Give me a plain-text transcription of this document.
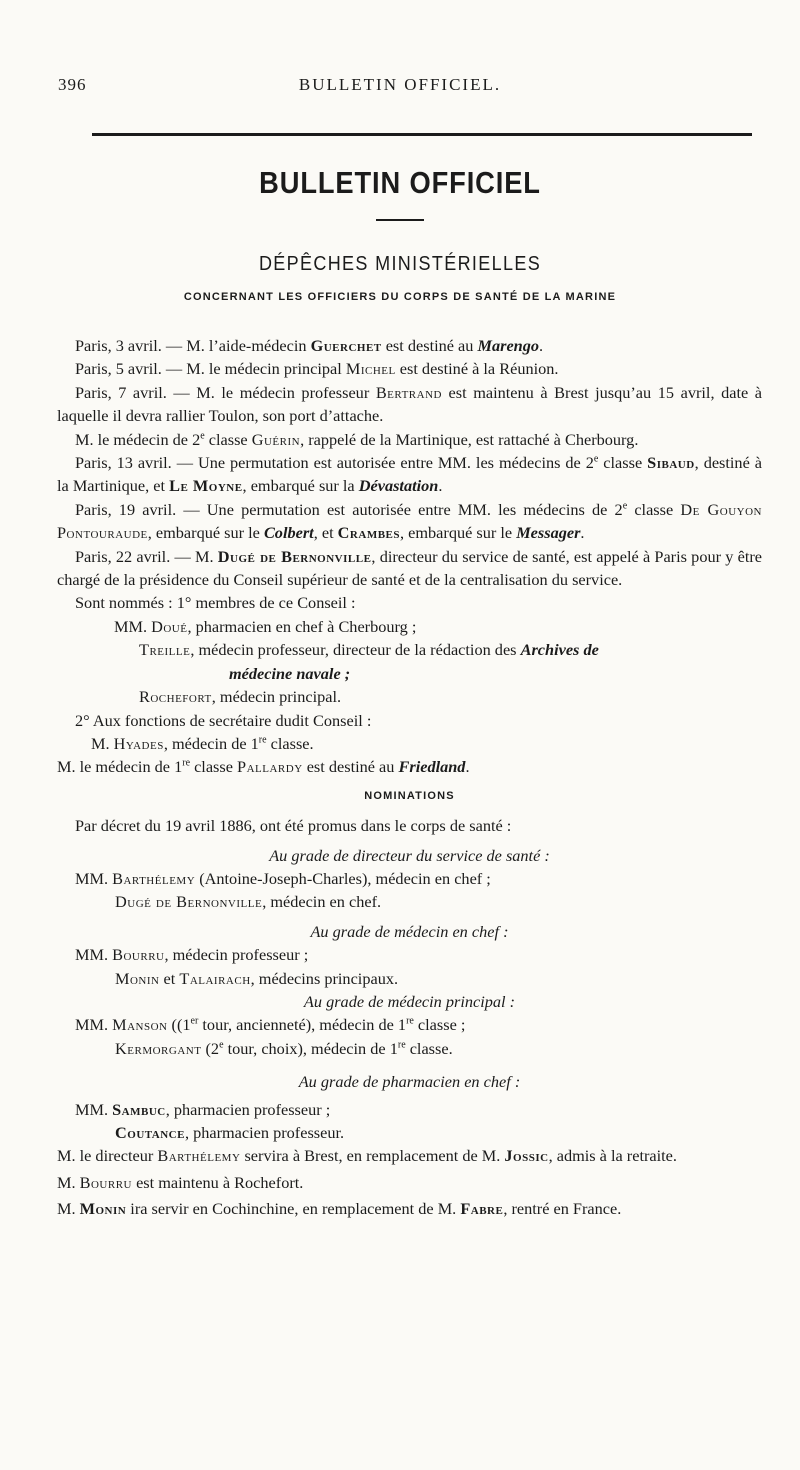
396	BULLETIN OFFICIEL.
BULLETIN OFFICIEL
DÉPÊCHES MINISTÉRIELLES
CONCERNANT LES OFFICIERS DU CORPS DE SANTÉ DE LA MARINE

Paris, 3 avril. — M. l’aide-médecin Guerchet est destiné au Marengo.

Paris, 5 avril. — M. le médecin principal Michel est destiné à la Réunion.

Paris, 7 avril. — M. le médecin professeur Bertrand est maintenu à Brest jusqu’au 15 avril, date à laquelle il devra rallier Toulon, son port d’attache.

M. le médecin de 2e classe Guérin, rappelé de la Martinique, est rattaché à Cherbourg.

Paris, 13 avril. — Une permutation est autorisée entre MM. les médecins de 2e classe Sibaud, destiné à la Martinique, et Le Moyne, embarqué sur la Dévastation.

Paris, 19 avril. — Une permutation est autorisée entre MM. les médecins de 2e classe De Gouyon Pontouraude, embarqué sur le Colbert, et Crambes, embarqué sur le Messager.

Paris, 22 avril. — M. Dugé de Bernonville, directeur du service de santé, est appelé à Paris pour y être chargé de la présidence du Conseil supérieur de santé et de la centralisation du service.

Sont nommés : 1° membres de ce Conseil :

MM. Doué, pharmacien en chef à Cherbourg ;

Treille, médecin professeur, directeur de la rédaction des Archives de

médecine navale ;

Rochefort, médecin principal.

2° Aux fonctions de secrétaire dudit Conseil :

M. Hyades, médecin de 1re classe.

M. le médecin de 1re classe Pallardy est destiné au Friedland.

NOMINATIONS

Par décret du 19 avril 1886, ont été promus dans le corps de santé :

Au grade de directeur du service de santé :

MM. Barthélemy (Antoine-Joseph-Charles), médecin en chef ;

Dugé de Bernonville, médecin en chef.

Au grade de médecin en chef :

MM. Bourru, médecin professeur ;

Monin et Talairach, médecins principaux.

Au grade de médecin principal :

MM. Manson ((1er tour, ancienneté), médecin de 1re classe ;

Kermorgant (2e tour, choix), médecin de 1re classe.

Au grade de pharmacien en chef :

MM. Sambuc, pharmacien professeur ;

Coutance, pharmacien professeur.

M. le directeur Barthélemy servira à Brest, en remplacement de M. Jossic, admis à la retraite.

M. Bourru est maintenu à Rochefort.

M. Monin ira servir en Cochinchine, en remplacement de M. Fabre, rentré en France.
